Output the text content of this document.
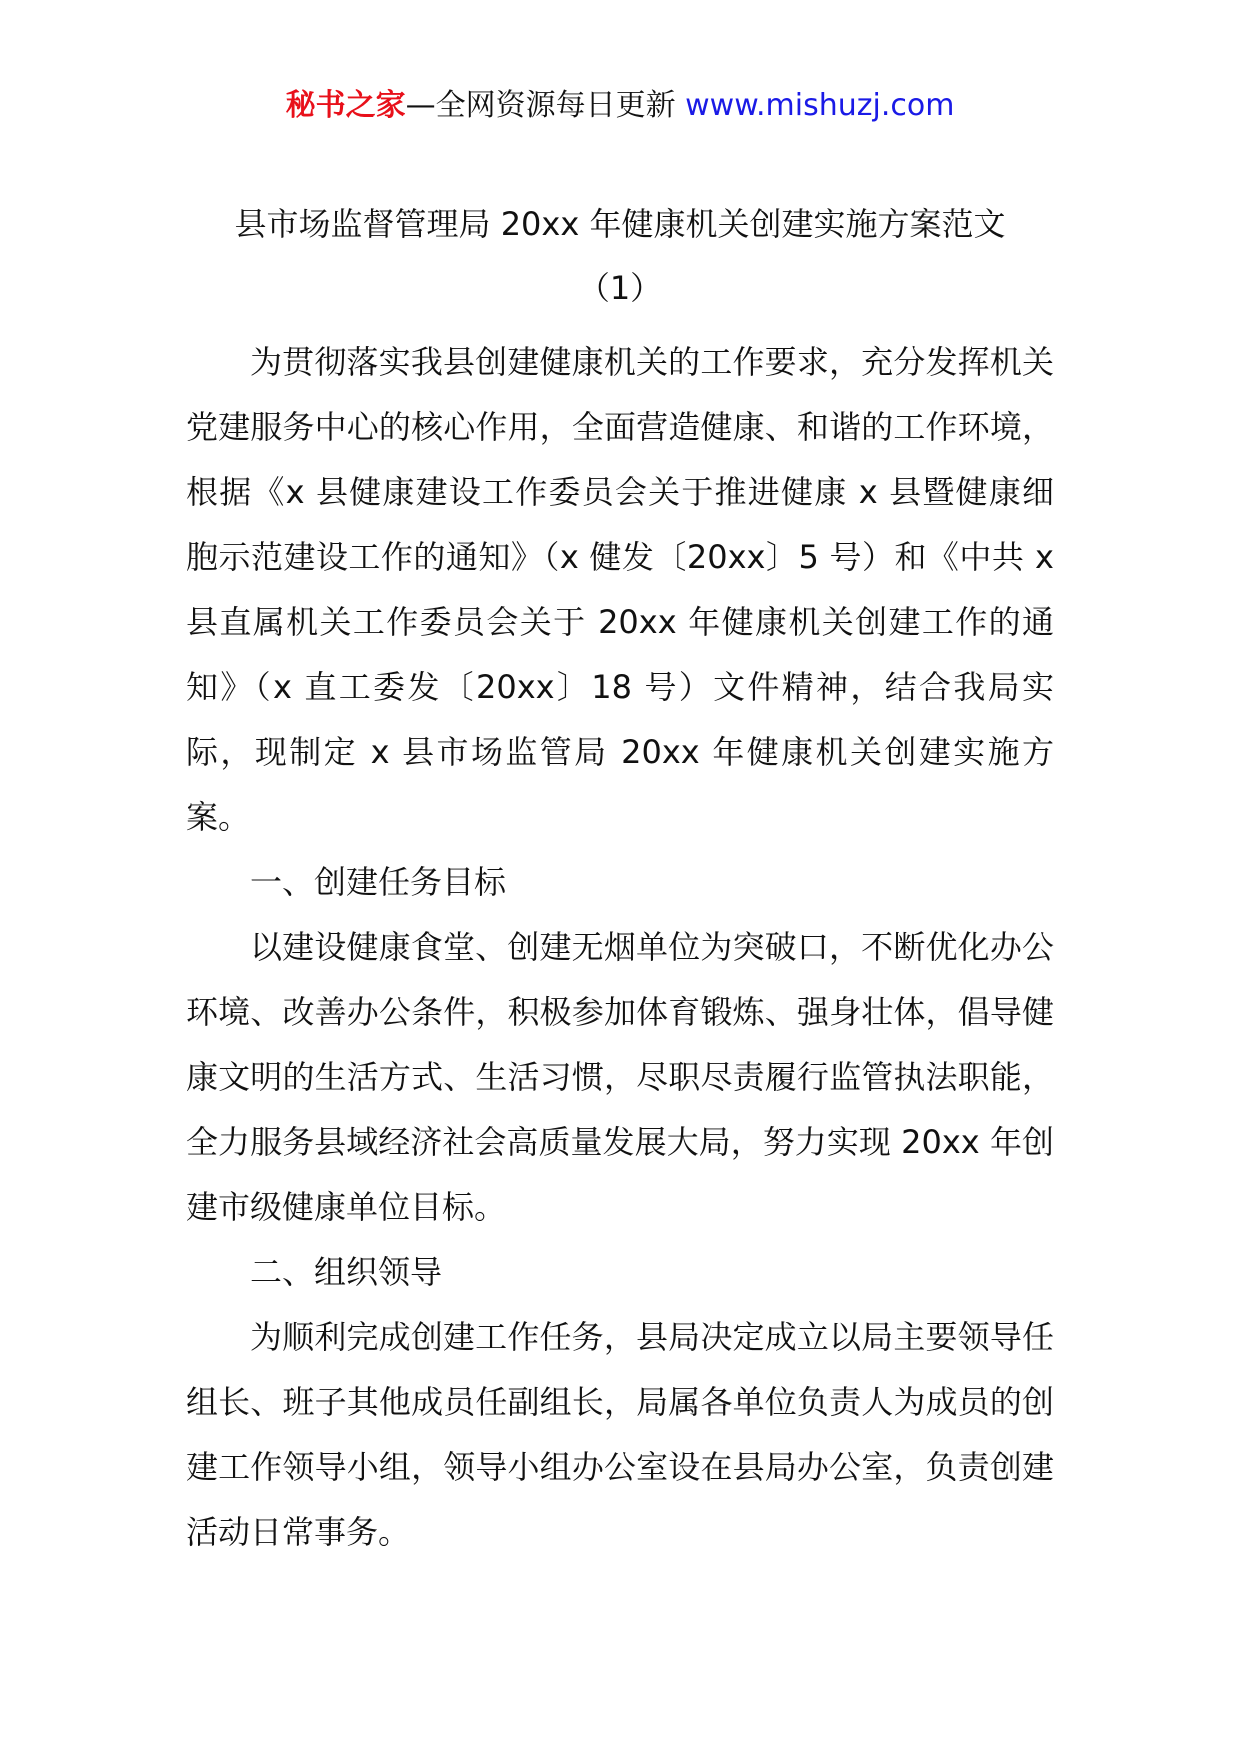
秘书之家—全网资源每日更新 www.mishuzj.com
县市场监督管理局 20xx 年健康机关创建实施方案范文
（1）

为贯彻落实我县创建健康机关的工作要求，充分发挥机关党建服务中心的核心作用，全面营造健康、和谐的工作环境，根据《x 县健康建设工作委员会关于推进健康 x 县暨健康细胞示范建设工作的通知》（x 健发〔20xx〕5 号）和《中共 x 县直属机关工作委员会关于 20xx 年健康机关创建工作的通知》（x 直工委发〔20xx〕18 号）文件精神，结合我局实际，现制定 x 县市场监管局 20xx 年健康机关创建实施方案。

一、创建任务目标

以建设健康食堂、创建无烟单位为突破口，不断优化办公环境、改善办公条件，积极参加体育锻炼、强身壮体，倡导健康文明的生活方式、生活习惯，尽职尽责履行监管执法职能，全力服务县域经济社会高质量发展大局，努力实现 20xx 年创建市级健康单位目标。

二、组织领导

为顺利完成创建工作任务，县局决定成立以局主要领导任组长、班子其他成员任副组长，局属各单位负责人为成员的创建工作领导小组，领导小组办公室设在县局办公室，负责创建活动日常事务。
